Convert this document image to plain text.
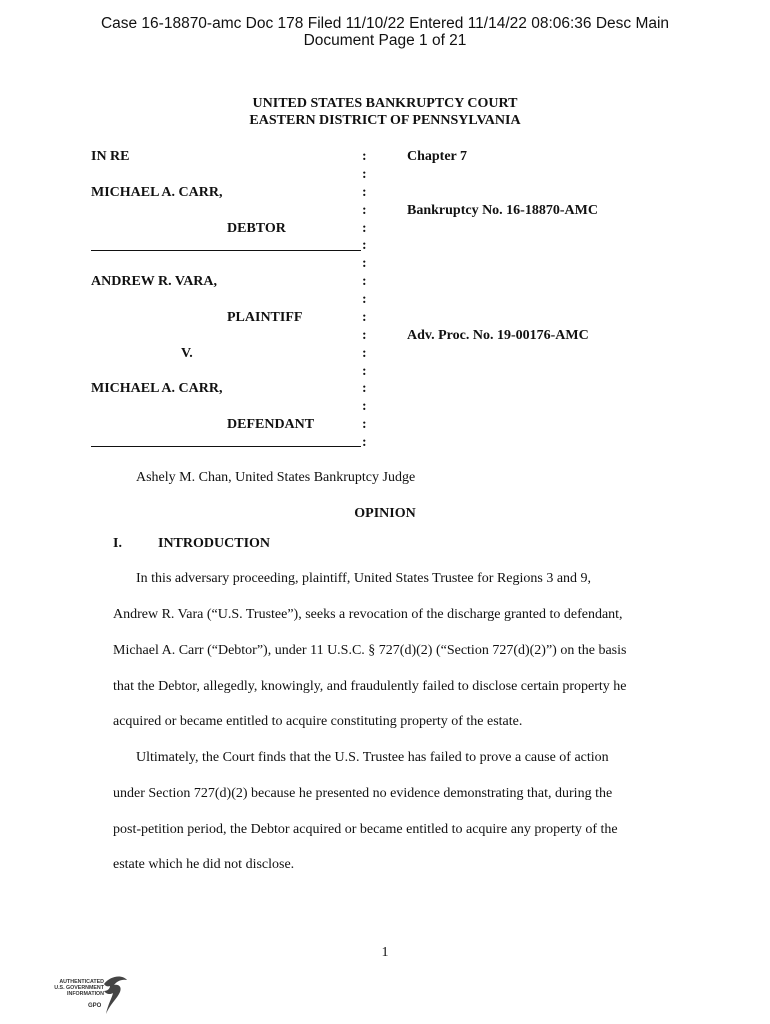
Case 16-18870-amc Doc 178 Filed 11/10/22 Entered 11/14/22 08:06:36 Desc Main
Document Page 1 of 21
UNITED STATES BANKRUPTCY COURT
EASTERN DISTRICT OF PENNSYLVANIA
IN RE
MICHAEL A. CARR,
DEBTOR
ANDREW R. VARA,
PLAINTIFF
V.
MICHAEL A. CARR,
DEFENDANT
:
:
:
:
:
:
:
:
:
:
:
:
:
:
:
:
:
Chapter 7
Bankruptcy No. 16-18870-AMC
Adv. Proc. No. 19-00176-AMC
Ashely M. Chan, United States Bankruptcy Judge
OPINION
I.	INTRODUCTION
In this adversary proceeding, plaintiff, United States Trustee for Regions 3 and 9,
Andrew R. Vara (“U.S. Trustee”), seeks a revocation of the discharge granted to defendant,
Michael A. Carr (“Debtor”), under 11 U.S.C. § 727(d)(2) (“Section 727(d)(2)”) on the basis
that the Debtor, allegedly, knowingly, and fraudulently failed to disclose certain property he
acquired or became entitled to acquire constituting property of the estate.
Ultimately, the Court finds that the U.S. Trustee has failed to prove a cause of action
under Section 727(d)(2) because he presented no evidence demonstrating that, during the
post-petition period, the Debtor acquired or became entitled to acquire any property of the
estate which he did not disclose.
1
AUTHENTICATED
U.S. GOVERNMENT
INFORMATION
GPO
